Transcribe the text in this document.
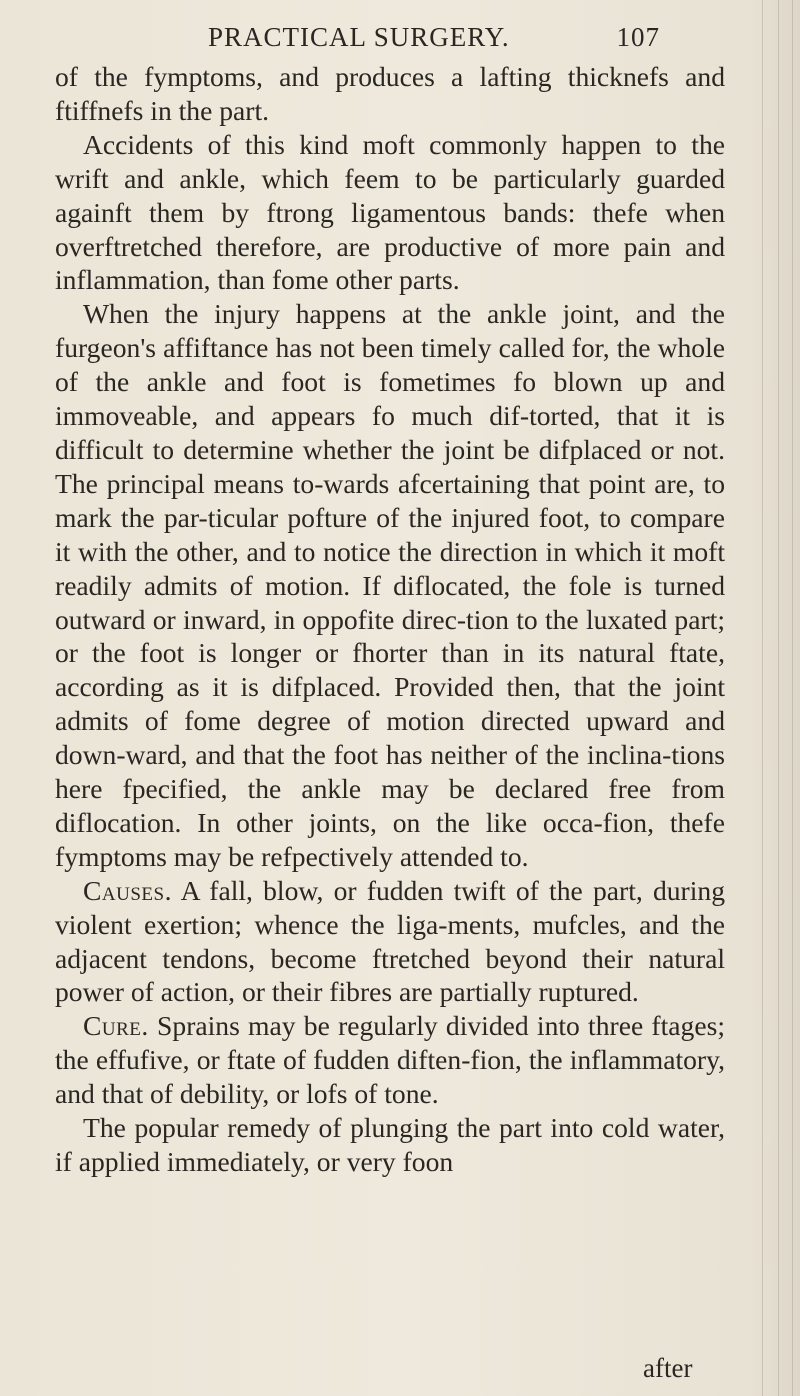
PRACTICAL SURGERY.	107

of the fymptoms, and produces a lafting thicknefs and ftiffnefs in the part.

Accidents of this kind moft commonly happen to the wrift and ankle, which feem to be particularly guarded againft them by ftrong ligamentous bands: thefe when overftretched therefore, are productive of more pain and inflammation, than fome other parts.

When the injury happens at the ankle joint, and the furgeon's affiftance has not been timely called for, the whole of the ankle and foot is fometimes fo blown up and immoveable, and appears fo much dif-torted, that it is difficult to determine whether the joint be difplaced or not. The principal means to-wards afcertaining that point are, to mark the par-ticular pofture of the injured foot, to compare it with the other, and to notice the direction in which it moft readily admits of motion. If diflocated, the fole is turned outward or inward, in oppofite direc-tion to the luxated part; or the foot is longer or fhorter than in its natural ftate, according as it is difplaced. Provided then, that the joint admits of fome degree of motion directed upward and down-ward, and that the foot has neither of the inclina-tions here fpecified, the ankle may be declared free from diflocation. In other joints, on the like occa-fion, thefe fymptoms may be refpectively attended to.

Causes. A fall, blow, or fudden twift of the part, during violent exertion; whence the liga-ments, mufcles, and the adjacent tendons, become ftretched beyond their natural power of action, or their fibres are partially ruptured.

Cure. Sprains may be regularly divided into three ftages; the effufive, or ftate of fudden diften-fion, the inflammatory, and that of debility, or lofs of tone.

The popular remedy of plunging the part into cold water, if applied immediately, or very foon

after
